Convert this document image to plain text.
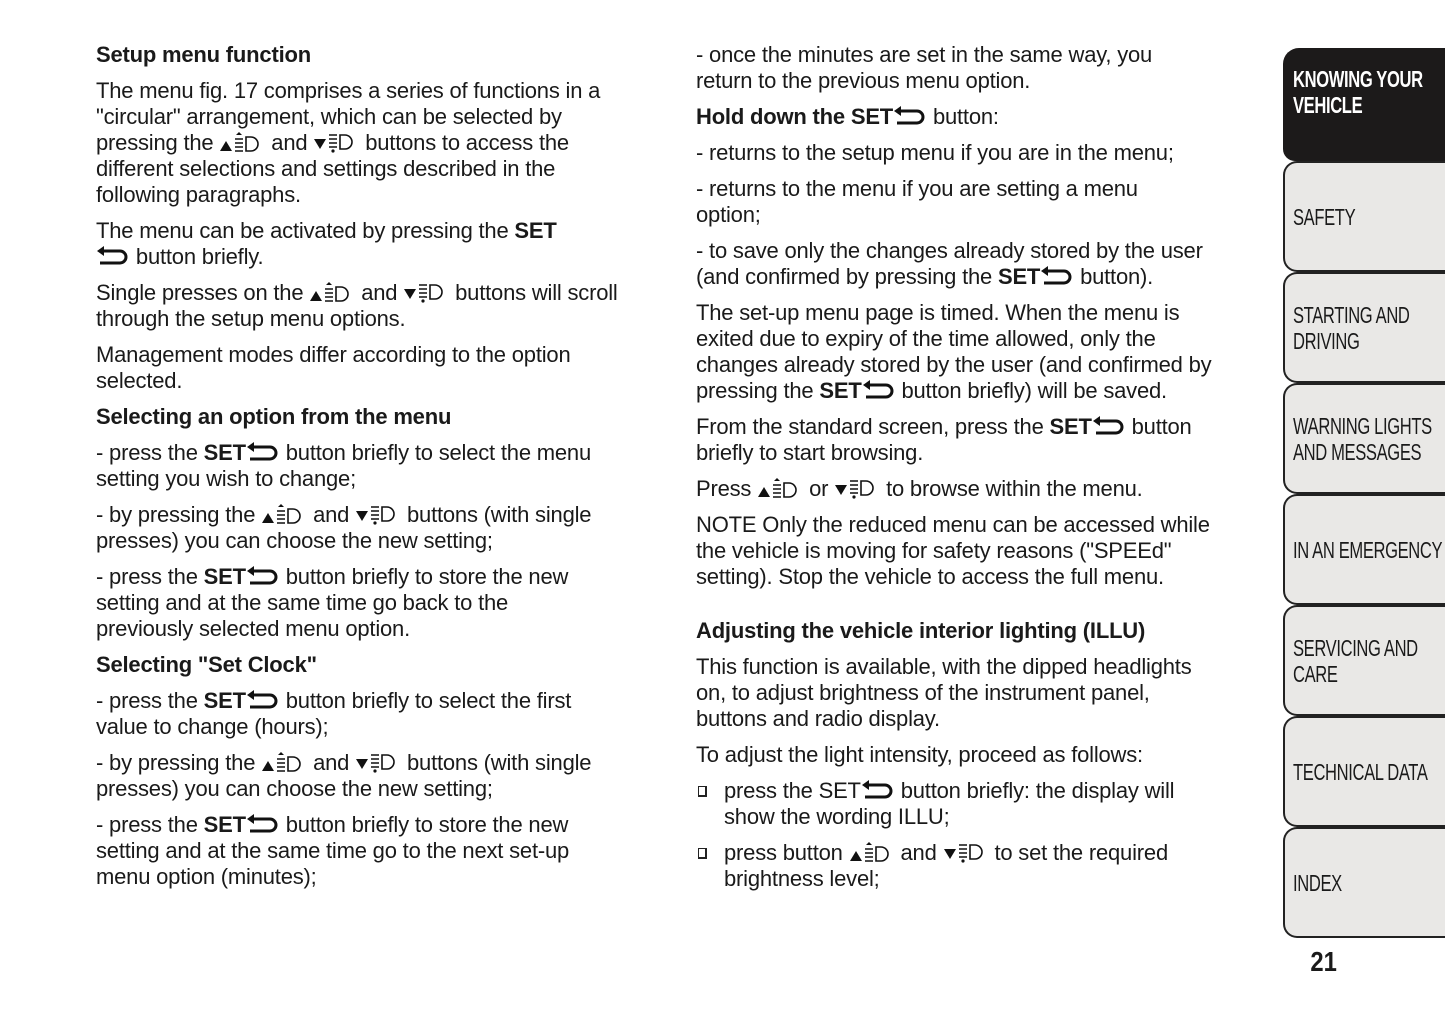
Setup menu function

The menu fig. 17 comprises a series of functions in a
"circular" arrangement, which can be selected by
pressing the  and  buttons to access the
different selections and settings described in the
following paragraphs.

The menu can be activated by pressing the SET
button briefly.

Single presses on the  and  buttons will scroll
through the setup menu options.

Management modes differ according to the option
selected.

Selecting an option from the menu

- press the SET button briefly to select the menu
setting you wish to change;

- by pressing the  and  buttons (with single
presses) you can choose the new setting;

- press the SET button briefly to store the new
setting and at the same time go back to the
previously selected menu option.

Selecting "Set Clock"

- press the SET button briefly to select the first
value to change (hours);

- by pressing the  and  buttons (with single
presses) you can choose the new setting;

- press the SET button briefly to store the new
setting and at the same time go to the next set-up
menu option (minutes);

- once the minutes are set in the same way, you
return to the previous menu option.

Hold down the SET button:

- returns to the setup menu if you are in the menu;

- returns to the menu if you are setting a menu
option;

- to save only the changes already stored by the user
(and confirmed by pressing the SET button).

The set-up menu page is timed. When the menu is
exited due to expiry of the time allowed, only the
changes already stored by the user (and confirmed by
pressing the SET button briefly) will be saved.

From the standard screen, press the SET button
briefly to start browsing.

Press  or  to browse within the menu.

NOTE Only the reduced menu can be accessed while
the vehicle is moving for safety reasons ("SPEEd"
setting). Stop the vehicle to access the full menu.

Adjusting the vehicle interior lighting (ILLU)

This function is available, with the dipped headlights
on, to adjust brightness of the instrument panel,
buttons and radio display.

To adjust the light intensity, proceed as follows:

press the SET button briefly: the display will
show the wording ILLU;

press button  and  to set the required
brightness level;

KNOWING YOUR
VEHICLE
SAFETY
STARTING AND
DRIVING
WARNING LIGHTS
AND MESSAGES
IN AN EMERGENCY
SERVICING AND
CARE
TECHNICAL DATA
INDEX
21
